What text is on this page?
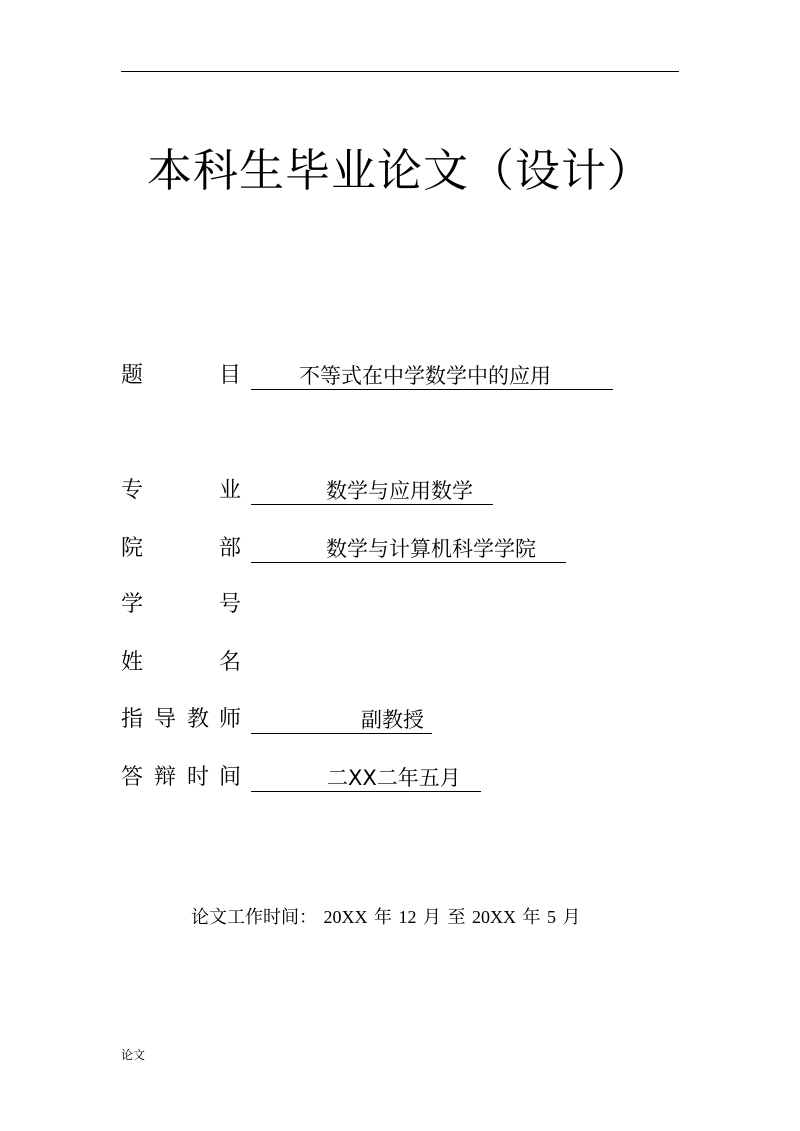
本科生毕业论文（设计）
题	目	不等式在中学数学中的应用
专	业	数学与应用数学
院	部	数学与计算机科学学院
学	号
姓	名
指 导 教 师	副教授
答 辩 时 间	二XX二年五月
论文工作时间： 20XX 年 12 月 至 20XX 年 5 月
论文
